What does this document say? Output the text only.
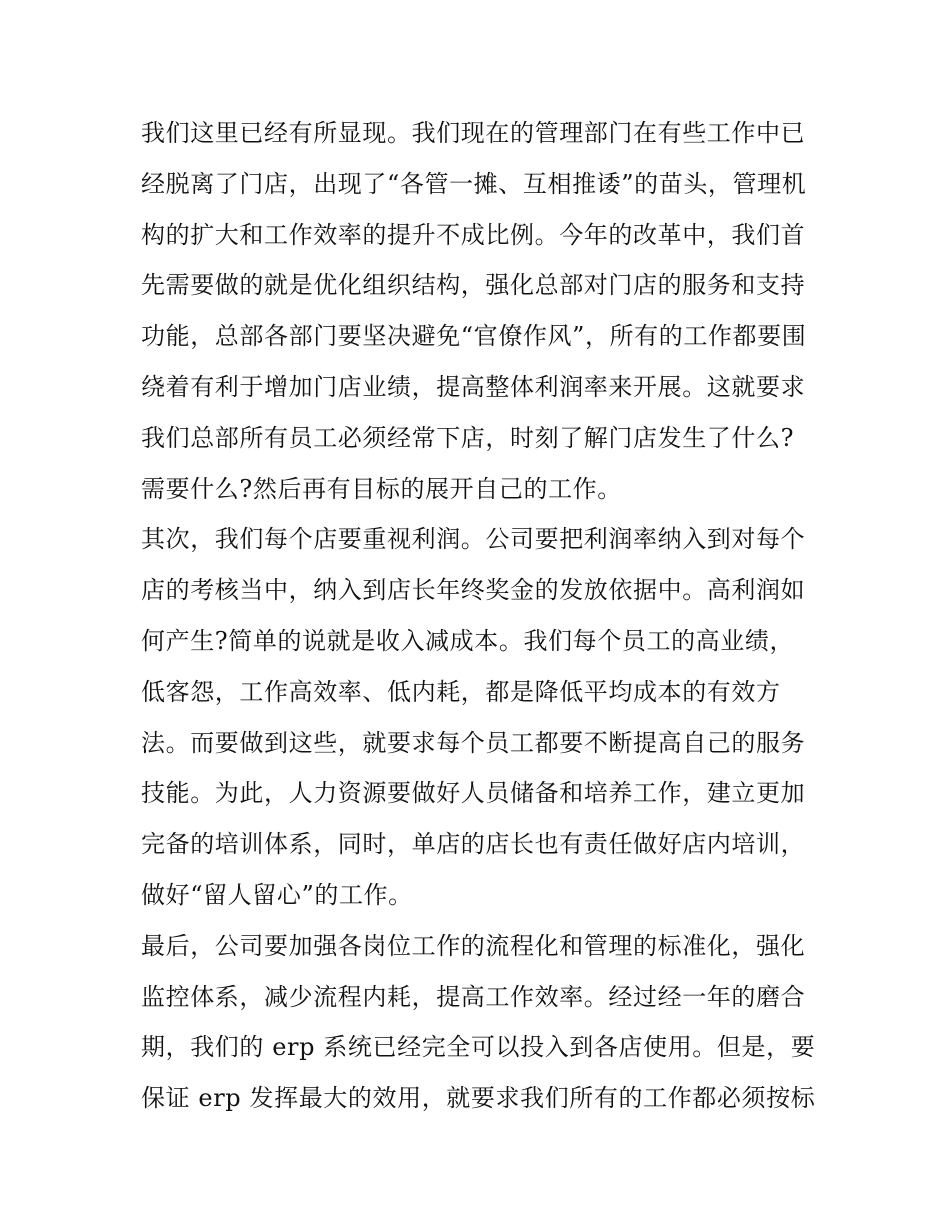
我们这里已经有所显现。我们现在的管理部门在有些工作中已
经脱离了门店，出现了“各管一摊、互相推诿”的苗头，管理机
构的扩大和工作效率的提升不成比例。今年的改革中，我们首
先需要做的就是优化组织结构，强化总部对门店的服务和支持
功能，总部各部门要坚决避免“官僚作风”，所有的工作都要围
绕着有利于增加门店业绩，提高整体利润率来开展。这就要求
我们总部所有员工必须经常下店，时刻了解门店发生了什么?
需要什么?然后再有目标的展开自己的工作。
其次，我们每个店要重视利润。公司要把利润率纳入到对每个
店的考核当中，纳入到店长年终奖金的发放依据中。高利润如
何产生?简单的说就是收入减成本。我们每个员工的高业绩，
低客怨，工作高效率、低内耗，都是降低平均成本的有效方
法。而要做到这些，就要求每个员工都要不断提高自己的服务
技能。为此，人力资源要做好人员储备和培养工作，建立更加
完备的培训体系，同时，单店的店长也有责任做好店内培训，
做好“留人留心”的工作。
最后，公司要加强各岗位工作的流程化和管理的标准化，强化
监控体系，减少流程内耗，提高工作效率。经过经一年的磨合
期，我们的 erp 系统已经完全可以投入到各店使用。但是，要
保证 erp 发挥最大的效用，就要求我们所有的工作都必须按标
